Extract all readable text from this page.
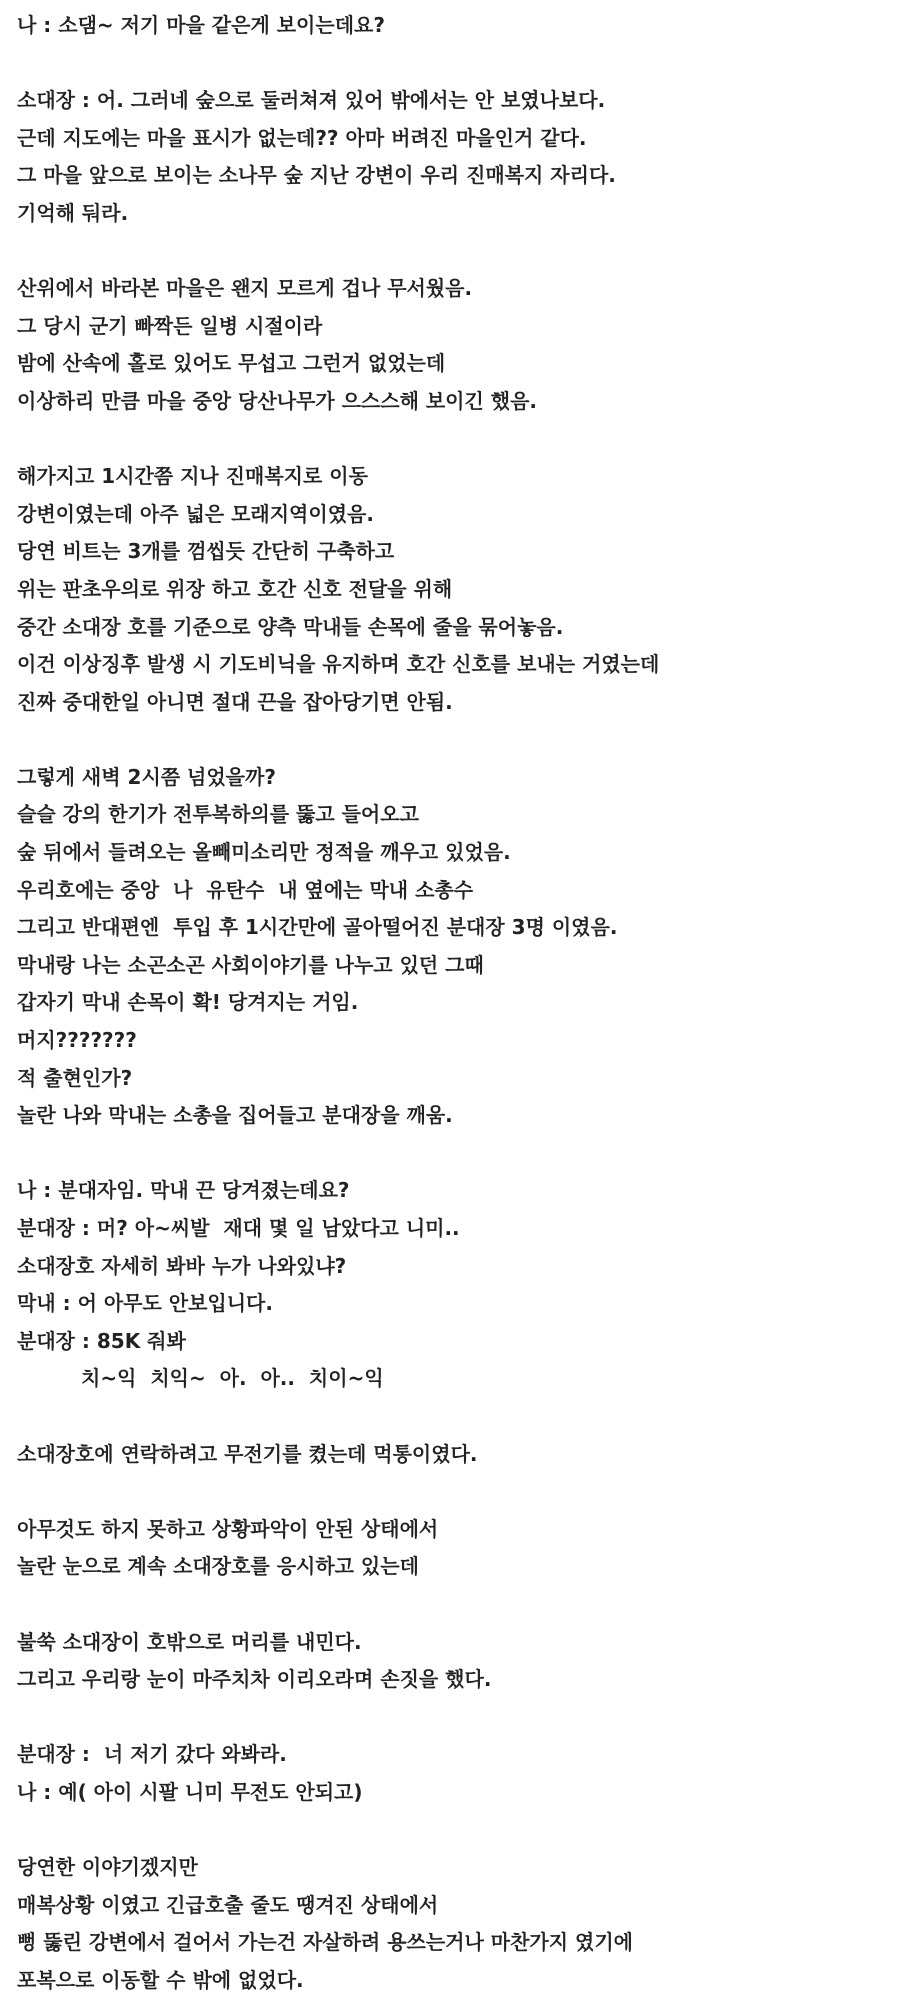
나 : 소댐~ 저기 마을 같은게 보이는데요?
소대장 : 어. 그러네 숲으로 둘러쳐져 있어 밖에서는 안 보였나보다.
근데 지도에는 마을 표시가 없는데?? 아마 버려진 마을인거 같다.
그 마을 앞으로 보이는 소나무 숲 지난 강변이 우리 진매복지 자리다.
기억해 둬라.
산위에서 바라본 마을은 왠지 모르게 겁나 무서웠음.
그 당시 군기 빠짝든 일병 시절이라
밤에 산속에 홀로 있어도 무섭고 그런거 없었는데
이상하리 만큼 마을 중앙 당산나무가 으스스해 보이긴 했음.
해가지고 1시간쯤 지나 진매복지로 이동
강변이였는데 아주 넓은 모래지역이였음.
당연 비트는 3개를 껌씹듯 간단히 구축하고
위는 판초우의로 위장 하고 호간 신호 전달을 위해
중간 소대장 호를 기준으로 양측 막내들 손목에 줄을 묶어놓음.
이건 이상징후 발생 시 기도비닉을 유지하며 호간 신호를 보내는 거였는데
진짜 중대한일 아니면 절대 끈을 잡아당기면 안됨.
그렇게 새벽 2시쯤 넘었을까?
슬슬 강의 한기가 전투복하의를 뚫고 들어오고
숲 뒤에서 들려오는 올빼미소리만 정적을 깨우고 있었음.
우리호에는 중앙  나  유탄수  내 옆에는 막내 소총수
그리고 반대편엔  투입 후 1시간만에 골아떨어진 분대장 3명 이였음.
막내랑 나는 소곤소곤 사회이야기를 나누고 있던 그때
갑자기 막내 손목이 확! 당겨지는 거임.
머지???????
적 출현인가?
놀란 나와 막내는 소총을 집어들고 분대장을 깨움.
나 : 분대자임. 막내 끈 당겨졌는데요?
분대장 : 머? 아~씨발  재대 몇 일 남았다고 니미..
소대장호 자세히 봐바 누가 나와있냐?
막내 : 어 아무도 안보입니다.
분대장 : 85K 줘봐
치~익  치익~  아.  아..  치이~익
소대장호에 연락하려고 무전기를 켰는데 먹통이였다.
아무것도 하지 못하고 상황파악이 안된 상태에서
놀란 눈으로 계속 소대장호를 응시하고 있는데
불쑥 소대장이 호밖으로 머리를 내민다.
그리고 우리랑 눈이 마주치차 이리오라며 손짓을 했다.
분대장 :  너 저기 갔다 와봐라.
나 : 예( 아이 시팔 니미 무전도 안되고)
당연한 이야기겠지만
매복상황 이였고 긴급호출 줄도 땡겨진 상태에서
뻥 뚫린 강변에서 걸어서 가는건 자살하려 용쓰는거나 마찬가지 였기에
포복으로 이동할 수 밖에 없었다.
